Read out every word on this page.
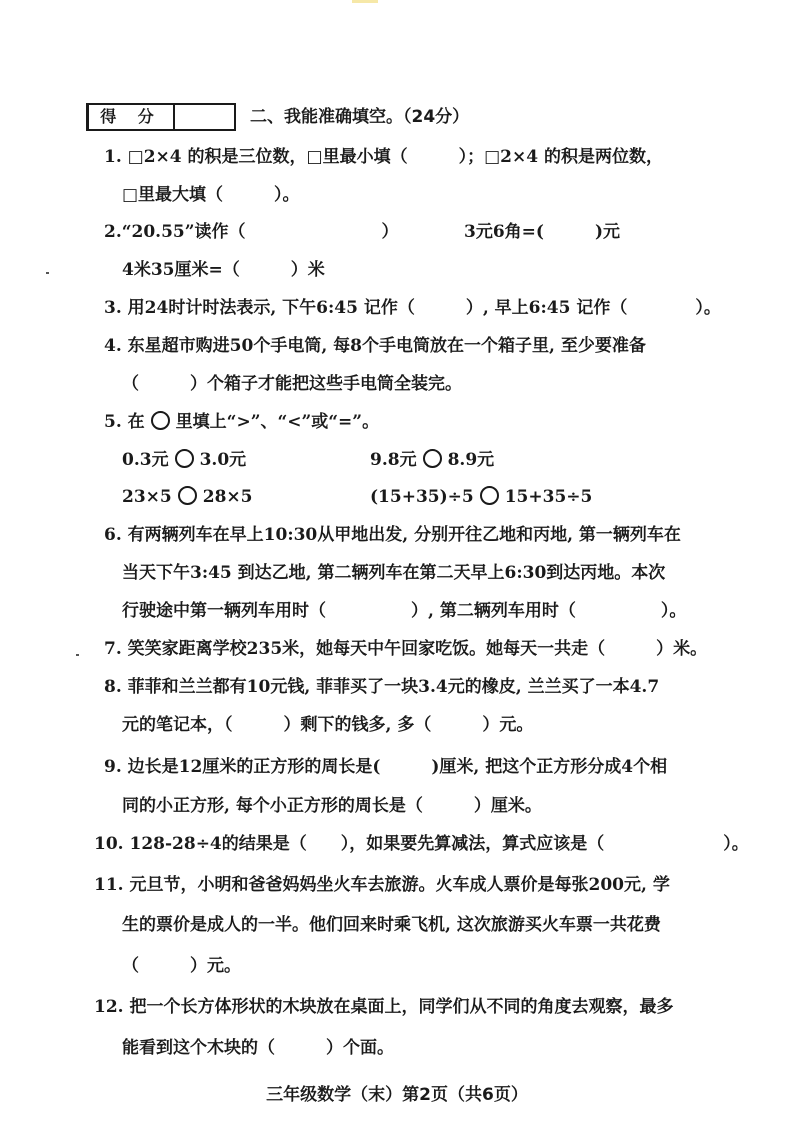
得 分	二、我能准确填空。（24分）
1. □2×4 的积是三位数，□里最小填（　　　）；□2×4 的积是两位数，
□里最大填（　　　）。
2.“20.55”读作（　　　　　　　　）	3元6角=(　　　)元
4米35厘米=（　　　）米
3. 用24时计时法表示, 下午6:45 记作（　　　）, 早上6:45 记作（　　　　）。
4. 东星超市购进50个手电筒, 每8个手电筒放在一个箱子里, 至少要准备
（　　　）个箱子才能把这些手电筒全装完。
5. 在 里填上“>”、“<”或“=”。
0.3元 3.0元	9.8元 8.9元
23×5 28×5	(15+35)÷5 15+35÷5
6. 有两辆列车在早上10:30从甲地出发, 分别开往乙地和丙地, 第一辆列车在
当天下午3:45 到达乙地, 第二辆列车在第二天早上6:30到达丙地。本次
行驶途中第一辆列车用时（　　　　　）, 第二辆列车用时（　　　　　）。
7. 笑笑家距离学校235米，她每天中午回家吃饭。她每天一共走（　　　）米。
8. 菲菲和兰兰都有10元钱, 菲菲买了一块3.4元的橡皮, 兰兰买了一本4.7
元的笔记本，（　　　）剩下的钱多, 多（　　　）元。
9. 边长是12厘米的正方形的周长是(　　　)厘米, 把这个正方形分成4个相
同的小正方形, 每个小正方形的周长是（　　　）厘米。
10. 128-28÷4的结果是（　　），如果要先算减法，算式应该是（　　　　　　　）。
11. 元旦节，小明和爸爸妈妈坐火车去旅游。火车成人票价是每张200元, 学
生的票价是成人的一半。他们回来时乘飞机, 这次旅游买火车票一共花费
（　　　）元。
12. 把一个长方体形状的木块放在桌面上，同学们从不同的角度去观察，最多
能看到这个木块的（　　　）个面。
三年级数学（末）第2页（共6页）
